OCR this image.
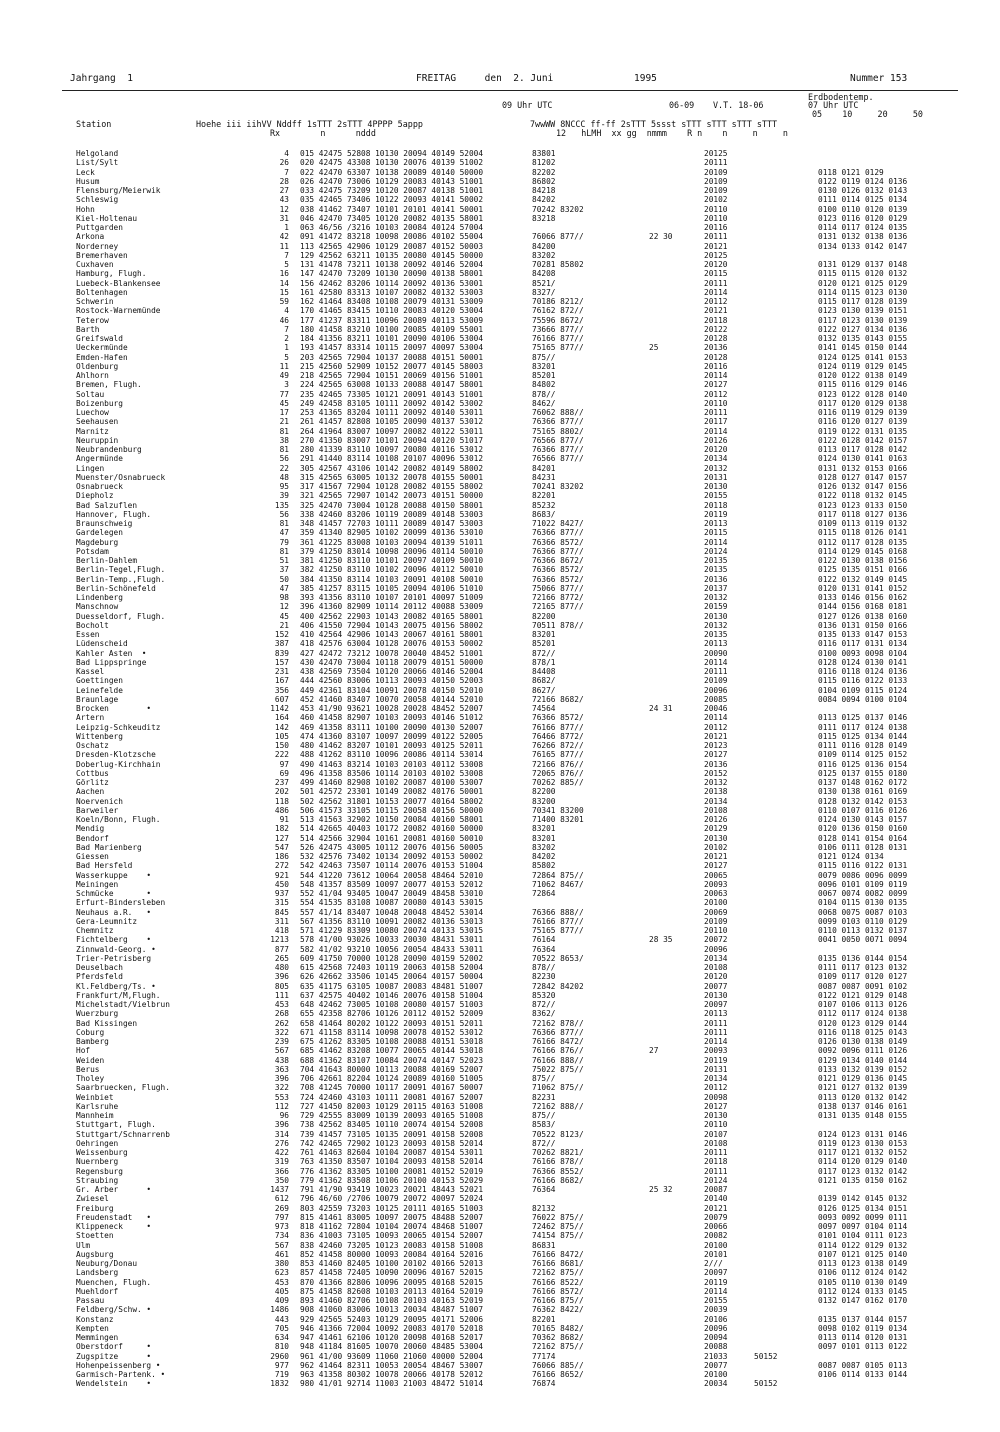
Jahrgang  1	FREITAG     den  2. Juni	1995	Nummer 153
Erdbodentemp.
09 Uhr UTC	06-09 V.T. 18-06	07 Uhr UTC
05    10     20     50
Station	Hoehe iii iihVV Nddff 1sTTT 2sTTT 4PPPP 5appp	7wwWW 8NCCC ff-ff 2sTTT 5ssst sTTT sTTT sTTT sTTT
Rx        n      nddd	12   hLMH  xx gg  nmmm    R n    n     n     n
Helgoland	4 015 42475 52808 10130 20094 40149 52004	83801	20125
List/Sylt	26 020 42475 43308 10130 20076 40139 51002	81202	20111
Leck	7 022 42470 63307 10138 20089 40140 50000	82202	20109	0118 0121 0129
Husum	28 026 42470 73006 10129 20083 40143 51001	86802	20109	0122 0119 0124 0136
Flensburg/Meierwik	27 033 42475 73209 10120 20087 40138 51001	84218	20109	0130 0126 0132 0143
Schleswig	43 035 42465 73406 10122 20093 40141 50002	84202	20102	0111 0114 0125 0134
Hohn	12 038 41462 73407 10101 20101 40141 50001	70242 83202	20110	0100 0110 0120 0139
Kiel-Holtenau	31 046 42470 73405 10120 20082 40135 58001	83218	20110	0123 0116 0120 0129
Puttgarden	1 063 46/56 /3216 10103 20084 40124 57004	20116	0114 0117 0124 0135
Arkona	42 091 41472 83218 10098 20086 40102 55004	76066 877//	22 30	20111	0131 0132 0138 0136
Norderney	11 113 42565 42906 10129 20087 40152 50003	84200	20121	0134 0133 0142 0147
Bremerhaven	7 129 42562 63211 10135 20080 40145 50000	83202	20125
Cuxhaven	5 131 41478 73211 10138 20092 40146 52004	70281 85802	20120	0131 0129 0137 0148
Hamburg, Flugh.	16 147 42470 73209 10130 20090 40138 58001	84208	20115	0115 0115 0120 0132
Luebeck-Blankensee	14 156 42462 83206 10114 20092 40136 53001	8521/	20111	0120 0121 0125 0129
Boltenhagen	15 161 42580 83313 10107 20082 40132 53003	8327/	20114	0114 0115 0123 0130
Schwerin	59 162 41464 83408 10108 20079 40131 53009	70186 8212/	20112	0115 0117 0128 0139
Rostock-Warnemünde	4 170 41465 83415 10110 20083 40120 53004	76162 872//	20121	0123 0130 0139 0151
Teterow	46 177 41237 83311 10096 20089 40113 53009	75596 8672/	20118	0117 0123 0130 0139
Barth	7 180 41458 83210 10100 20085 40109 55001	73666 877//	20122	0122 0127 0134 0136
Greifswald	2 184 41356 83211 10101 20090 40106 53004	76166 877//	20128	0132 0135 0143 0155
Ueckermünde	1 193 41457 83314 10115 20097 40097 53004	75165 877//	25	20136	0141 0145 0150 0144
Emden-Hafen	5 203 42565 72904 10137 20088 40151 50001	875//	20128	0124 0125 0141 0153
Oldenburg	11 215 42560 52909 10152 20077 40145 58003	83201	20116	0124 0119 0129 0145
Ahlhorn	49 218 42565 72904 10151 20069 40156 51001	85201	20114	0120 0122 0138 0149
Bremen, Flugh.	3 224 42565 63008 10133 20088 40147 58001	84802	20127	0115 0116 0129 0146
Soltau	77 235 42465 73305 10121 20091 40143 51001	878//	20112	0123 0122 0128 0140
Boizenburg	45 249 42458 83105 10111 20092 40142 53002	8462/	20110	0117 0120 0129 0138
Luechow	17 253 41365 83204 10111 20092 40140 53011	76062 888//	20111	0116 0119 0129 0139
Seehausen	21 261 41457 82808 10105 20090 40137 53012	76366 877//	20117	0116 0120 0127 0139
Marnitz	81 264 41964 83007 10097 20082 40122 53011	75165 8802/	20114	0119 0122 0131 0135
Neuruppin	38 270 41350 83007 10101 20094 40120 51017	76566 877//	20126	0122 0128 0142 0157
Neubrandenburg	81 280 41339 83110 10097 20080 40116 53012	76366 877//	20120	0113 0117 0128 0142
Angermünde	56 291 41440 83114 10108 20107 40096 53012	76566 877//	20134	0124 0130 0141 0163
Lingen	22 305 42567 43106 10142 20082 40149 58002	84201	20132	0131 0132 0153 0166
Muenster/Osnabrueck	48 315 42565 63005 10132 20078 40155 50001	84231	20131	0128 0127 0147 0157
Osnabrueck	95 317 41567 72904 10128 20082 40155 58002	70241 83202	20130	0126 0132 0147 0156
Diepholz	39 321 42565 72907 10142 20073 40151 50000	82201	20155	0122 0118 0132 0145
Bad Salzuflen	135 325 42470 73004 10128 20088 40150 58001	85232	20118	0123 0123 0133 0150
Hannover, Flugh.	56 338 42460 83206 10119 20089 40148 53003	8683/	20119	0117 0118 0127 0136
Braunschweig	81 348 41457 72703 10111 20089 40147 53003	71022 8427/	20113	0109 0113 0119 0132
Gardelegen	47 359 41340 82905 10102 20099 40136 53010	76366 877//	20115	0115 0118 0126 0141
Magdeburg	79 361 41225 83008 10103 20094 40139 51011	76366 8572/	20114	0112 0117 0128 0135
Potsdam	81 379 41250 83014 10098 20096 40114 50010	76366 877//	20124	0114 0129 0145 0168
Berlin-Dahlem	51 381 41250 83110 10101 20097 40109 50010	76366 8672/	20135	0122 0130 0138 0156
Berlin-Tegel,Flugh.	37 382 41250 83110 10102 20096 40112 50010	76366 8572/	20135	0125 0135 0151 0166
Berlin-Temp.,Flugh.	50 384 41350 83114 10103 20091 40108 50010	76366 8572/	20136	0122 0132 0149 0145
Berlin-Schönefeld	47 385 41257 83115 10105 20094 40106 51010	75066 877//	20137	0120 0131 0141 0152
Lindenberg	98 393 41356 83110 10107 20101 40097 51009	72166 8772/	20132	0133 0146 0156 0162
Manschnow	12 396 41360 82909 10114 20112 40088 53009	72165 877//	20159	0144 0156 0168 0181
Duesseldorf, Flugh.	45 400 42562 22903 10143 20082 40165 58001	82200	20130	0127 0126 0138 0160
Bocholt	21 406 41550 72904 10143 20075 40156 58002	70511 878//	20132	0136 0131 0150 0166
Essen	152 410 42564 42906 10143 20067 40161 58001	83201	20135	0135 0133 0147 0153
Lüdenscheid	387 418 42576 63004 10128 20076 40153 50002	85201	20113	0116 0117 0131 0134
Kahler Asten  •	839 427 42472 73212 10078 20040 48452 51001	872//	20090	0100 0093 0098 0104
Bad Lippspringe	157 430 42470 73004 10118 20079 40151 50000	878/1	20114	0128 0124 0130 0141
Kassel	231 438 42569 73504 10120 20066 40146 52004	84408	20111	0116 0118 0124 0136
Goettingen	167 444 42560 83006 10113 20093 40150 52003	8682/	20109	0115 0116 0122 0133
Leinefelde	356 449 42361 83104 10091 20078 40150 52010	8627/	20096	0104 0109 0115 0124
Braunlage	607 452 41460 83407 10070 20058 40144 52010	72166 8682/	20085	0084 0094 0100 0104
Brocken        •	1142 453 41/90 93621 10028 20028 48452 52007	74564	24 31	20046
Artern	164 460 41458 82907 10103 20093 40146 51012	76366 8572/	20114	0113 0125 0137 0146
Leipzig-Schkeuditz	142 469 41358 83111 10100 20090 40130 52007	76166 877//	20112	0111 0117 0124 0138
Wittenberg	105 474 41360 83107 10097 20099 40122 52005	76466 8772/	20121	0115 0125 0134 0144
Oschatz	150 480 41462 83207 10101 20093 40125 52011	76266 872//	20123	0111 0116 0128 0149
Dresden-Klotzsche	222 488 41262 83110 10096 20086 40114 53014	76165 877//	20127	0109 0114 0125 0152
Doberlug-Kirchhain	97 490 41463 83214 10103 20103 40112 53008	72166 876//	20136	0116 0125 0136 0154
Cottbus	69 496 41358 83506 10114 20103 40102 53008	72065 876//	20152	0125 0137 0155 0180
Görlitz	237 499 41460 82908 10102 20087 40100 53007	70262 885//	20132	0137 0148 0162 0172
Aachen	202 501 42572 23301 10149 20082 40176 50001	82200	20138	0130 0138 0161 0169
Noervenich	118 502 42562 31801 10153 20077 40164 58002	83200	20134	0128 0132 0142 0153
Barweiler	486 506 41573 33105 10115 20058 40156 50000	70341 83200	20108	0110 0107 0116 0126
Koeln/Bonn, Flugh.	91 513 41563 32902 10150 20084 40160 58001	71400 83201	20126	0124 0130 0143 0157
Mendig	182 514 42665 40403 10172 20082 40160 50000	83201	20129	0120 0136 0150 0160
Bendorf	127 514 42566 32904 10161 20081 40160 50010	83201	20130	0128 0141 0154 0164
Bad Marienberg	547 526 42475 43005 10112 20076 40156 50005	83202	20102	0106 0111 0128 0131
Giessen	186 532 42576 73402 10134 20092 40153 50002	84202	20121	0121 0124 0134
Bad Hersfeld	272 542 42463 73507 10114 20076 40153 51004	85802	20127	0115 0116 0122 0131
Wasserkuppe    •	921 544 41220 73612 10064 20058 48464 52010	72864 875//	20065	0079 0086 0096 0099
Meiningen	450 548 41357 83509 10097 20077 40153 52012	71062 8467/	20093	0096 0101 0109 0119
Schmücke       •	937 552 41/04 93405 10047 20049 48458 53010	72864	20063	0067 0074 0082 0099
Erfurt-Bindersleben	315 554 41535 83108 10087 20080 40143 53015	20100	0104 0115 0130 0135
Neuhaus a.R.   •	845 557 41/14 83407 10048 20048 48452 53014	76366 888//	20069	0068 0075 0087 0103
Gera-Leumnitz	311 567 41356 83110 10091 20082 40136 53013	76166 877//	20109	0099 0103 0110 0129
Chemnitz	418 571 41229 83309 10080 20074 40133 53015	75165 877//	20110	0110 0113 0132 0137
Fichtelberg    •	1213 578 41/00 93026 10033 20030 48431 53011	76164	28 35	20072	0041 0050 0071 0094
Zinnwald-Georg. •	877 582 41/02 93210 10056 20054 48433 53011	76364	20096
Trier-Petrisberg	265 609 41750 70000 10128 20090 40159 52002	70522 8653/	20134	0135 0136 0144 0154
Deuselbach	480 615 42568 72403 10119 20063 40158 52004	878//	20108	0111 0117 0123 0132
Pferdsfeld	396 626 42662 33506 10145 20064 40157 50004	82230	20120	0109 0117 0120 0127
Kl.Feldberg/Ts. •	805 635 41175 63105 10087 20083 48481 51007	72842 84202	20077	0087 0087 0091 0102
Frankfurt/M,Flugh.	111 637 42575 40402 10146 20076 40158 51004	85320	20130	0122 0121 0129 0148
Michelstadt/Vielbrun	453 648 42462 73005 10108 20080 40157 51003	872//	20097	0107 0106 0113 0126
Wuerzburg	268 655 42358 82706 10126 20112 40152 52009	8362/	20113	0112 0117 0124 0138
Bad Kissingen	262 658 41464 80202 10122 20093 40151 52011	72162 878//	20111	0120 0123 0129 0144
Coburg	322 671 41158 83114 10098 20078 40152 53012	76366 877//	20111	0116 0118 0125 0143
Bamberg	239 675 41262 83305 10108 20088 40151 53018	76166 8472/	20114	0126 0130 0138 0149
Hof	567 685 41462 83208 10077 20065 40144 53018	76166 876//	27	20093	0092 0096 0111 0126
Weiden	438 688 41362 83107 10084 20074 40147 52023	76166 888//	20119	0129 0134 0140 0144
Berus	363 704 41643 80000 10113 20088 40169 52007	75022 875//	20131	0133 0132 0139 0152
Tholey	396 706 42661 82204 10124 20089 40160 51005	875//	20134	0121 0129 0136 0145
Saarbruecken, Flugh.	322 708 41245 70000 10117 20091 40167 50007	71062 875//	20112	0121 0127 0132 0139
Weinbiet	553 724 42460 43103 10111 20081 40167 52007	82231	20098	0113 0120 0132 0142
Karlsruhe	112 727 41450 82003 10129 20115 40163 51008	72162 888//	20127	0138 0137 0146 0161
Mannheim	96 729 42555 83009 10139 20093 40165 51008	875//	20130	0131 0135 0148 0155
Stuttgart, Flugh.	396 738 42562 83405 10110 20074 40154 52008	8583/	20110
Stuttgart/Schnarrenb	314 739 41457 73105 10135 20091 40158 52008	70522 8123/	20107	0124 0123 0131 0146
Oehringen	276 742 42465 72902 10123 20093 40158 52014	872//	20108	0119 0123 0130 0153
Weissenburg	422 761 41463 82604 10104 20087 40154 53011	70262 8821/	20111	0117 0121 0132 0152
Nuernberg	319 763 41350 83507 10104 20093 40158 52014	76166 878//	20118	0114 0120 0129 0140
Regensburg	366 776 41362 83305 10100 20081 40152 52019	76366 8552/	20111	0117 0123 0132 0142
Straubing	350 779 41362 83508 10106 20100 40153 52029	76166 8682/	20124	0121 0135 0150 0162
Gr. Arber      •	1437 791 41/90 93419 10023 20021 48443 52021	76364	25 32	20087
Zwiesel	612 796 46/60 /2706 10079 20072 40097 52024	20140	0139 0142 0145 0132
Freiburg	269 803 42559 73203 10125 20111 40165 51003	82132	20121	0126 0125 0134 0151
Freudenstadt   •	797 815 41461 83005 10097 20075 48488 52007	76022 875//	20079	0093 0092 0099 0111
Klippeneck     •	973 818 41162 72804 10104 20074 48468 51007	72462 875//	20066	0097 0097 0104 0114
Stoetten	734 836 41003 73105 10093 20065 40154 52007	74154 875//	20082	0101 0104 0111 0123
Ulm	567 838 42460 73205 10123 20083 40158 51008	86831	20100	0114 0122 0129 0132
Augsburg	461 852 41458 80000 10093 20084 40164 52016	76166 8472/	20101	0107 0121 0125 0140
Neuburg/Donau	380 853 41460 82405 10100 20102 40166 52013	76166 8681/	2///	0113 0123 0138 0149
Landsberg	623 857 41458 72405 10090 20096 40167 52015	72162 875//	20097	0106 0112 0124 0142
Muenchen, Flugh.	453 870 41366 82806 10096 20095 40168 52015	76166 8522/	20119	0105 0110 0130 0149
Muehldorf	405 875 41458 82608 10103 20113 40164 52019	76166 8572/	20114	0112 0124 0133 0145
Passau	409 893 41460 82706 10108 20103 40163 52019	76166 875//	20155	0132 0147 0162 0170
Feldberg/Schw. •	1486 908 41060 83006 10013 20034 48487 51007	76362 8422/	20039
Konstanz	443 929 42565 52403 10129 20095 40171 52006	82201	20106	0135 0137 0144 0157
Kempten	705 946 41366 72004 10092 20083 40170 52018	70165 8482/	20096	0098 0102 0119 0134
Memmingen	634 947 41461 62106 10120 20098 40168 52017	70362 8682/	20094	0113 0114 0120 0131
Oberstdorf     •	810 948 41184 81605 10070 20060 48485 53004	72162 875//	20088	0097 0101 0113 0122
Zugspitze      •	2960 961 41/00 93609 11060 21060 40000 52004	77174	21033	50152
Hohenpeissenberg •	977 962 41464 82311 10053 20054 48467 53007	76066 885//	20077	0087 0087 0105 0113
Garmisch-Partenk. •	719 963 41358 80302 10078 20066 40178 52012	76166 8652/	20100	0106 0114 0133 0144
Wendelstein    •	1832 980 41/01 92714 11003 21003 48472 51014	76874	20034	50152
